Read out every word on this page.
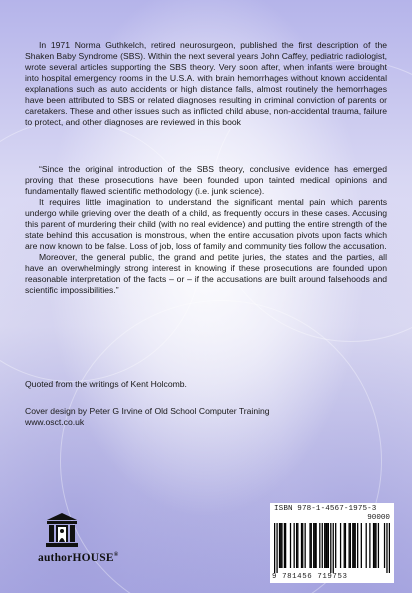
In 1971 Norma Guthkelch, retired neurosurgeon, published the first description of the Shaken Baby Syndrome (SBS). Within the next several years John Caffey, pediatric radiologist, wrote several articles supporting the SBS theory. Very soon after, when infants were brought into hospital emergency rooms in the U.S.A. with brain hemorrhages without known accidental explanations such as auto accidents or high distance falls, almost routinely the hemorrhages have been attributed to SBS or related diagnoses resulting in criminal conviction of parents or caretakers. These and other issues such as inflicted child abuse, non-accidental trauma, failure to protect, and other diagnoses are reviewed in this book

“Since the original introduction of the SBS theory, conclusive evidence has emerged proving that these prosecutions have been founded upon tainted medical opinions and fundamentally flawed scientific methodology (i.e. junk science).

It requires little imagination to understand the significant mental pain which parents undergo while grieving over the death of a child, as frequently occurs in these cases. Accusing this parent of murdering their child (with no real evidence) and putting the entire strength of the state behind this accusation is monstrous, when the entire accusation pivots upon facts which are now known to be false. Loss of job, loss of family and community ties follow the accusation.

Moreover, the general public, the grand and petite juries, the states and the parties, all have an overwhelmingly strong interest in knowing if these prosecutions are founded upon reasonable interpretation of the facts – or – if the accusations are built around falsehoods and scientific impossibilities.”

Quoted from the writings of Kent Holcomb.
Cover design by Peter G Irvine of Old School Computer Training
www.osct.co.uk
authorHOUSE®
ISBN 978-1-4567-1975-3
90000
9 781456 719753
